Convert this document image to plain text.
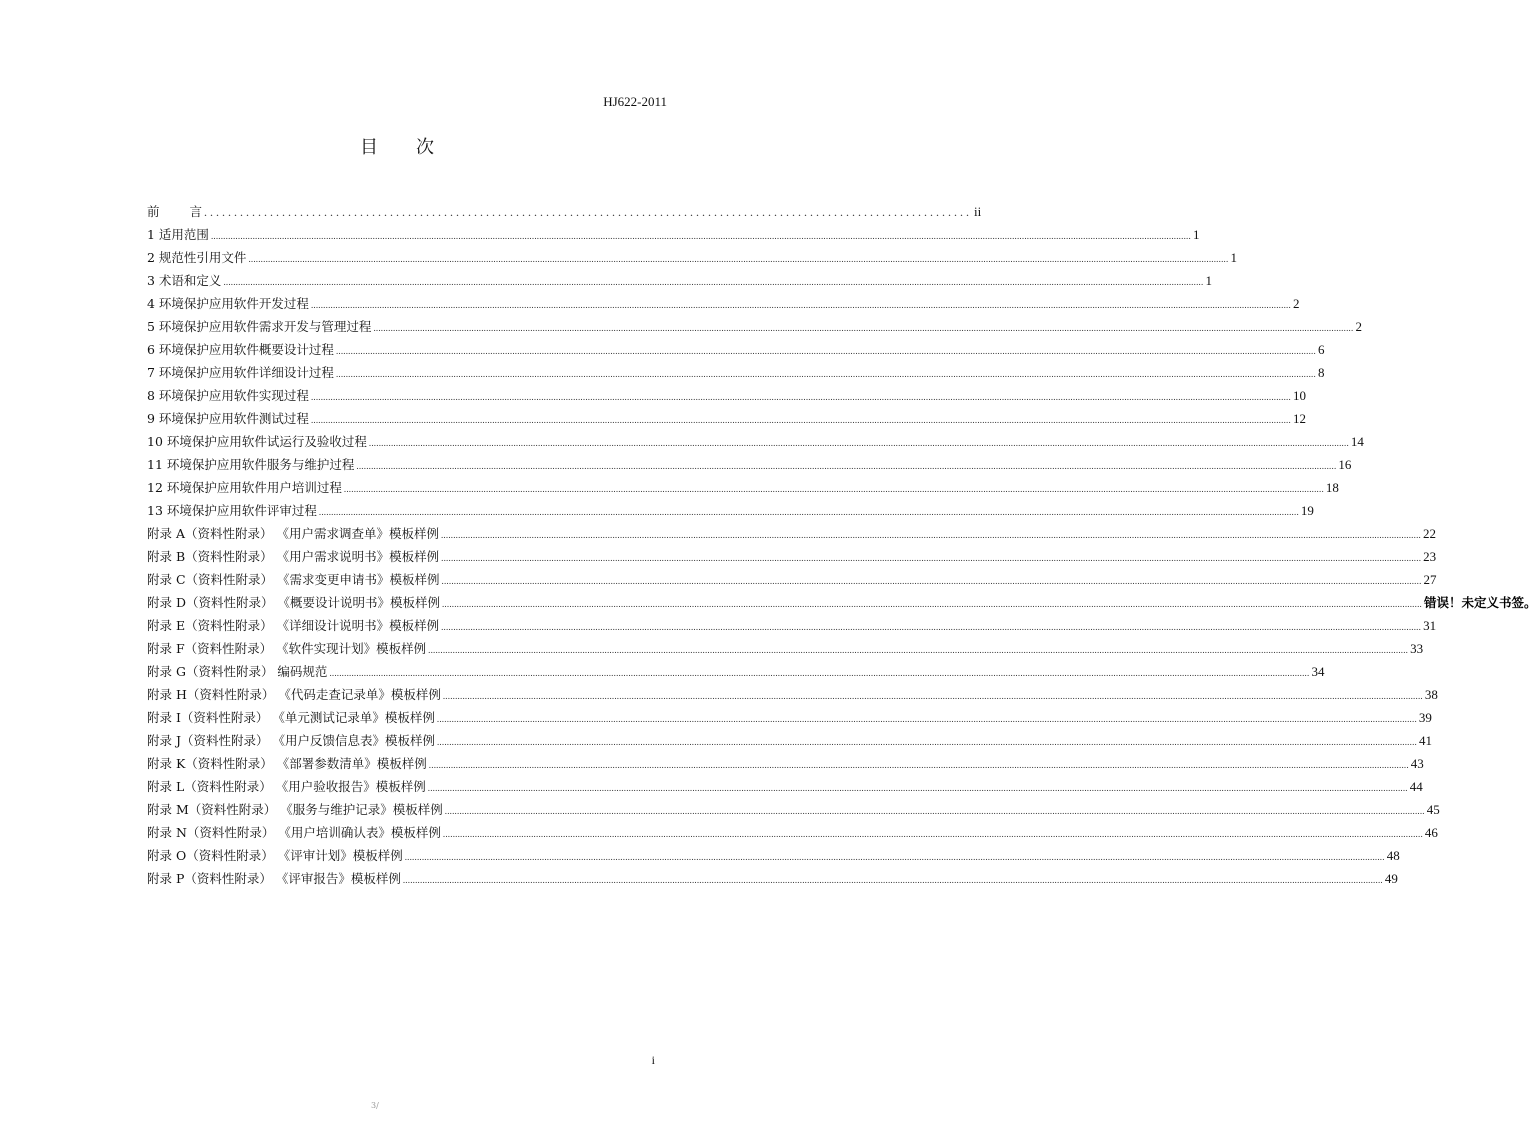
HJ622-2011
目 次
前 言 ................................................................................................................................ ii
1 适用范围 ................................................................................................................................................................................................................................................................................................................................................................................................................ 1
2 规范性引用文件 ................................................................................................................................................................................................................................................................................................................................................................................................................ 1
3 术语和定义 ................................................................................................................................................................................................................................................................................................................................................................................................................ 1
4 环境保护应用软件开发过程 ................................................................................................................................................................................................................................................................................................................................................................................................................ 2
5 环境保护应用软件需求开发与管理过程 ................................................................................................................................................................................................................................................................................................................................................................................................................ 2
6 环境保护应用软件概要设计过程 ................................................................................................................................................................................................................................................................................................................................................................................................................ 6
7 环境保护应用软件详细设计过程 ................................................................................................................................................................................................................................................................................................................................................................................................................ 8
8 环境保护应用软件实现过程 ................................................................................................................................................................................................................................................................................................................................................................................................................ 10
9 环境保护应用软件测试过程 ................................................................................................................................................................................................................................................................................................................................................................................................................ 12
10 环境保护应用软件试运行及验收过程 ................................................................................................................................................................................................................................................................................................................................................................................................................ 14
11 环境保护应用软件服务与维护过程 ................................................................................................................................................................................................................................................................................................................................................................................................................ 16
12 环境保护应用软件用户培训过程 ................................................................................................................................................................................................................................................................................................................................................................................................................ 18
13 环境保护应用软件评审过程 ................................................................................................................................................................................................................................................................................................................................................................................................................ 19
附录 A（资料性附录） 《用户需求调查单》模板样例 ................................................................................................................................................................................................................................................................................................................................................................................................................ 22
附录 B（资料性附录） 《用户需求说明书》模板样例 ................................................................................................................................................................................................................................................................................................................................................................................................................ 23
附录 C（资料性附录） 《需求变更申请书》模板样例 ................................................................................................................................................................................................................................................................................................................................................................................................................ 27
附录 D（资料性附录） 《概要设计说明书》模板样例 ................................................................................................................................................................................................................................................................................................................................................................................................................ 错误！未定义书签。
附录 E（资料性附录） 《详细设计说明书》模板样例 ................................................................................................................................................................................................................................................................................................................................................................................................................ 31
附录 F（资料性附录） 《软件实现计划》模板样例 ................................................................................................................................................................................................................................................................................................................................................................................................................ 33
附录 G（资料性附录） 编码规范 ................................................................................................................................................................................................................................................................................................................................................................................................................ 34
附录 H（资料性附录） 《代码走查记录单》模板样例 ................................................................................................................................................................................................................................................................................................................................................................................................................ 38
附录 I（资料性附录） 《单元测试记录单》模板样例 ................................................................................................................................................................................................................................................................................................................................................................................................................ 39
附录 J（资料性附录） 《用户反馈信息表》模板样例 ................................................................................................................................................................................................................................................................................................................................................................................................................ 41
附录 K（资料性附录） 《部署参数清单》模板样例 ................................................................................................................................................................................................................................................................................................................................................................................................................ 43
附录 L（资料性附录） 《用户验收报告》模板样例 ................................................................................................................................................................................................................................................................................................................................................................................................................ 44
附录 M（资料性附录） 《服务与维护记录》模板样例 ................................................................................................................................................................................................................................................................................................................................................................................................................ 45
附录 N（资料性附录） 《用户培训确认表》模板样例 ................................................................................................................................................................................................................................................................................................................................................................................................................ 46
附录 O（资料性附录） 《评审计划》模板样例 ................................................................................................................................................................................................................................................................................................................................................................................................................ 48
附录 P（资料性附录） 《评审报告》模板样例 ................................................................................................................................................................................................................................................................................................................................................................................................................ 49
i
3/
